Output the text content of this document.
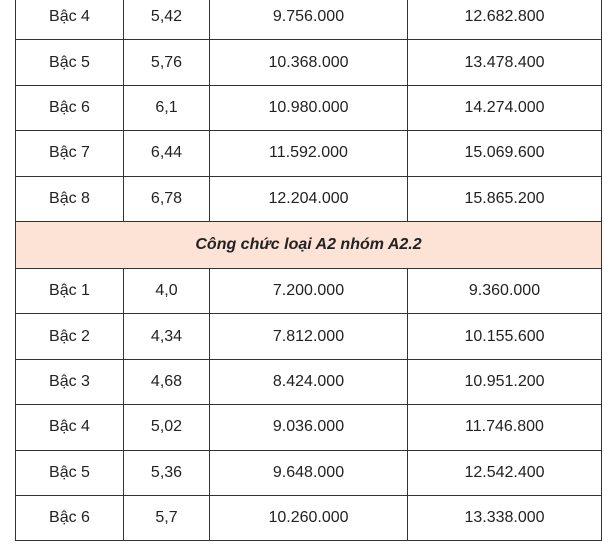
Bậc 4	5,42	9.756.000	12.682.800
Bậc 5	5,76	10.368.000	13.478.400
Bậc 6	6,1	10.980.000	14.274.000
Bậc 7	6,44	11.592.000	15.069.600
Bậc 8	6,78	12.204.000	15.865.200
Công chức loại A2 nhóm A2.2			
Bậc 1	4,0	7.200.000	9.360.000
Bậc 2	4,34	7.812.000	10.155.600
Bậc 3	4,68	8.424.000	10.951.200
Bậc 4	5,02	9.036.000	11.746.800
Bậc 5	5,36	9.648.000	12.542.400
Bậc 6	5,7	10.260.000	13.338.000
